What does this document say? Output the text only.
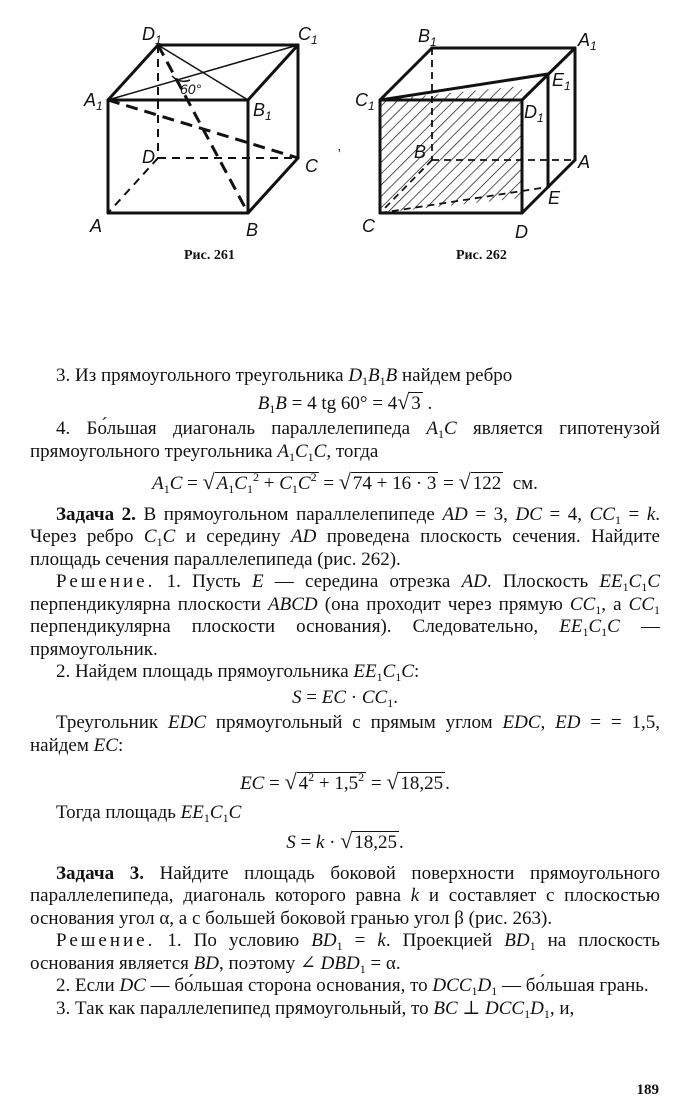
$D_1$	$C_1$
$A_1$
60°
$B_1$
D	C
A	B
Рис. 261
$B_1$	$A_1$
$C_1$
$E_1$
$D_1$
B	A
E
C	D
'
Рис. 262

3. Из прямоугольного треугольника $D_1B_1B$ найдем ребро

$B_1B = 4$ tg 60° = 4√ 3 .

4. Бо́льшая диагональ параллелепипеда $A_1C$ является гипотенузой прямоугольного треугольника $A_1C_1C$, тогда

$A_1C$ = √ $A_1C_1^2 + C_1C^2$ = √ 74 + 16 · 3 = √ 122  см.

Задача 2. В прямоугольном параллелепипеде AD = 3, DC = 4, $CC_1 = k$. Через ребро $C_1C$ и середину AD проведена плоскость сечения. Найдите площадь сечения параллелепипеда (рис. 262).

Решение. 1. Пусть E — середина отрезка AD. Плоскость $EE_1C_1C$ перпендикулярна плоскости ABCD (она проходит через прямую $CC_1$, а $CC_1$ перпендикулярна плоскости основания). Следовательно, $EE_1C_1C$ — прямоугольник.

2. Найдем площадь прямоугольника $EE_1C_1C$:

S = EC · $CC_1$.

Треугольник EDC прямоугольный с прямым углом EDC, ED = = 1,5, найдем EC:

EC = √ $4^2 + 1,5^2$ = √ 18,25 .

Тогда площадь $EE_1C_1C$

S = k · √ 18,25 .

Задача 3. Найдите площадь боковой поверхности прямоугольного параллелепипеда, диагональ которого равна k и составляет с плоскостью основания угол α, а с большей боковой гранью угол β (рис. 263).

Решение. 1. По условию $BD_1 = k$. Проекцией $BD_1$ на плоскость основания является BD, поэтому ∠ $DBD_1 = \alpha$.

2. Если DC — бо́льшая сторона основания, то $DCC_1D_1$ — бо́льшая грань.

3. Так как параллелепипед прямоугольный, то BC ⊥ $DCC_1D_1$, и,

189
